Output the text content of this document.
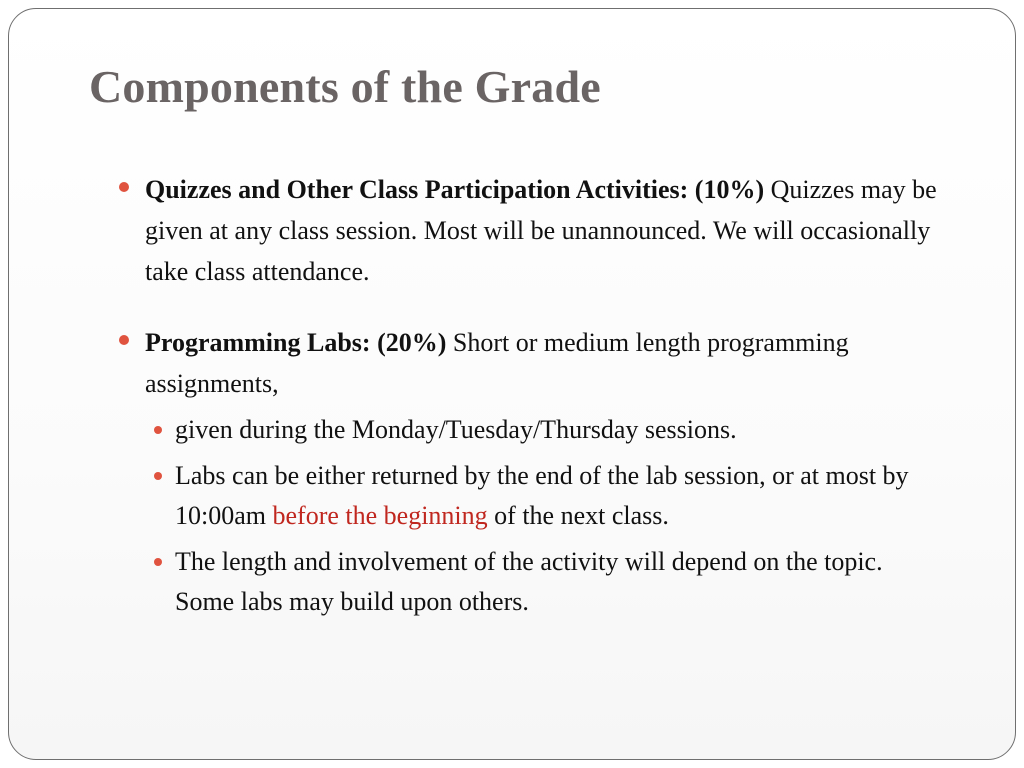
Components of the Grade
Quizzes and Other Class Participation Activities: (10%) Quizzes may be given at any class session. Most will be unannounced. We will occasionally take class attendance.
Programming Labs: (20%) Short or medium length programming assignments,
given during the Monday/Tuesday/Thursday sessions.
Labs can be either returned by the end of the lab session, or at most by 10:00am before the beginning of the next class.
The length and involvement of the activity will depend on the topic. Some labs may build upon others.
